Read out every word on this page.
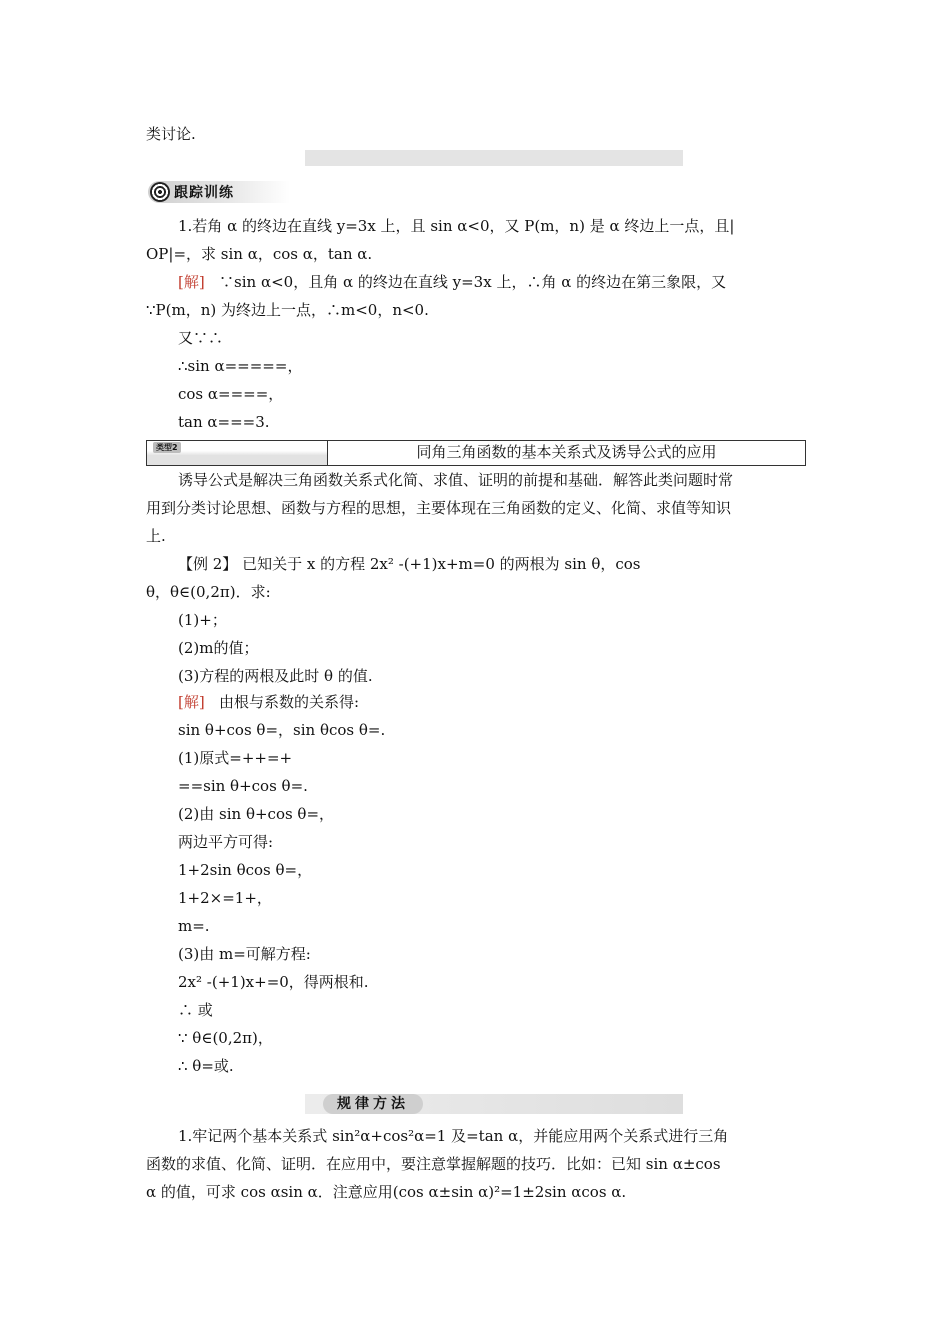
类讨论.
跟踪训练
1.若角 α 的终边在直线 y=3x 上，且 sin α<0，又 P(m，n) 是 α 终边上一点，且|
OP|=，求 sin α，cos α，tan α.
[解] ∵sin α<0，且角 α 的终边在直线 y=3x 上，∴角 α 的终边在第三象限，又
∵P(m，n) 为终边上一点，∴m<0，n<0.
又∵∴
∴sin α=====，
cos α====，
tan α===3.
类型2	同角三角函数的基本关系式及诱导公式的应用
诱导公式是解决三角函数关系式化简、求值、证明的前提和基础．解答此类问题时常
用到分类讨论思想、函数与方程的思想，主要体现在三角函数的定义、化简、求值等知识
上.
【例 2】 已知关于 x 的方程 2x² -(+1)x+m=0 的两根为 sin θ，cos
θ，θ∈(0,2π)．求:
(1)+；
(2)m的值；
(3)方程的两根及此时 θ 的值.
[解] 由根与系数的关系得:
sin θ+cos θ=，sin θcos θ=.
(1)原式=++=+
==sin θ+cos θ=.
(2)由 sin θ+cos θ=，
两边平方可得:
1+2sin θcos θ=，
1+2×=1+，
m=.
(3)由 m=可解方程:
2x² -(+1)x+=0，得两根和.
∴ 或
∵ θ∈(0,2π)，
∴ θ=或.
规律方法
1.牢记两个基本关系式 sin²α+cos²α=1 及=tan α，并能应用两个关系式进行三角
函数的求值、化简、证明．在应用中，要注意掌握解题的技巧．比如：已知 sin α±cos
α 的值，可求 cos αsin α．注意应用(cos α±sin α)²=1±2sin αcos α.
